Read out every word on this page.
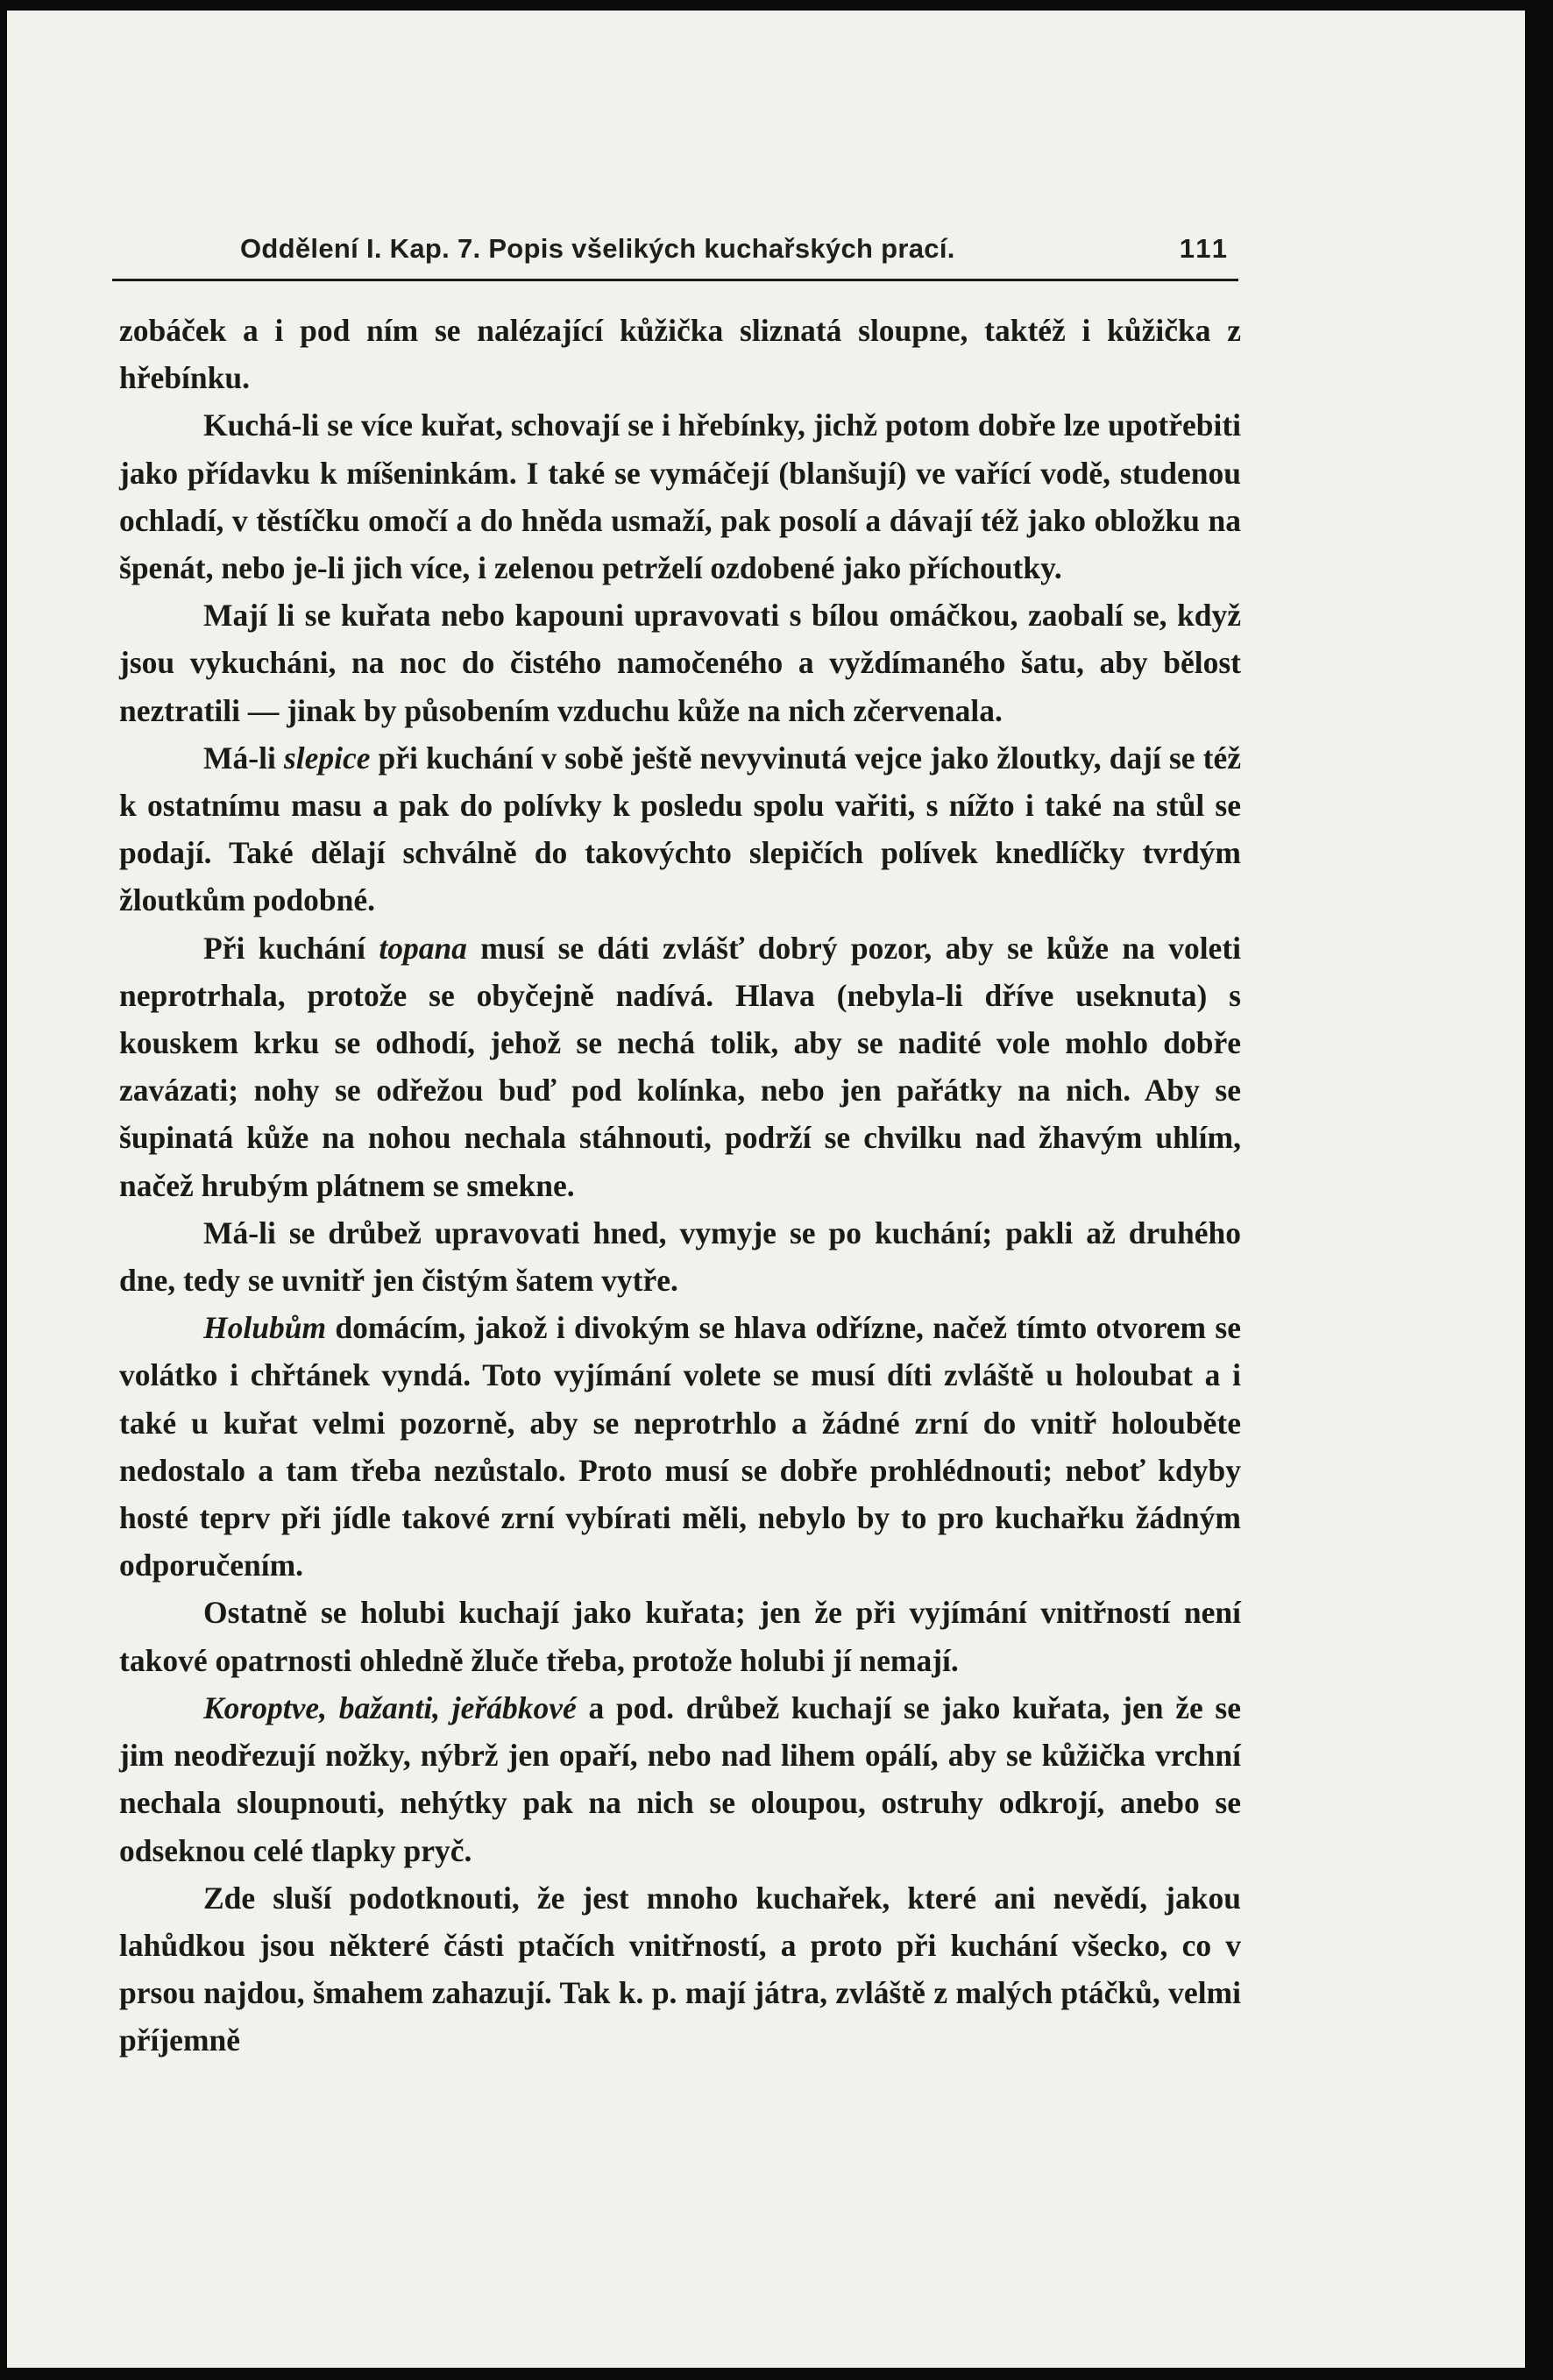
Oddělení I. Kap. 7. Popis všelikých kuchařských prací.	111

zobáček a i pod ním se nalézající kůžička sliznatá sloupne, taktéž i kůžička z hřebínku.

Kuchá-li se více kuřat, schovají se i hřebínky, jichž potom dobře lze upotřebiti jako přídavku k míšeninkám. I také se vymáčejí (blanšují) ve vařící vodě, studenou ochladí, v těstíčku omočí a do hněda usmaží, pak posolí a dávají též jako obložku na špenát, nebo je-li jich více, i zelenou petrželí ozdobené jako příchoutky.

Mají li se kuřata nebo kapouni upravovati s bílou omáčkou, zaobalí se, když jsou vykucháni, na noc do čistého namočeného a vyždímaného šatu, aby bělost neztratili — jinak by působením vzduchu kůže na nich zčervenala.

Má-li slepice při kuchání v sobě ještě nevyvinutá vejce jako žloutky, dají se též k ostatnímu masu a pak do polívky k posledu spolu vařiti, s nížto i také na stůl se podají. Také dělají schválně do takovýchto slepičích polívek knedlíčky tvrdým žloutkům podobné.

Při kuchání topana musí se dáti zvlášť dobrý pozor, aby se kůže na voleti neprotrhala, protože se obyčejně nadívá. Hlava (nebyla-li dříve useknuta) s kouskem krku se odhodí, jehož se nechá tolik, aby se nadité vole mohlo dobře zavázati; nohy se odřežou buď pod kolínka, nebo jen pařátky na nich. Aby se šupinatá kůže na nohou nechala stáhnouti, podrží se chvilku nad žhavým uhlím, načež hrubým plátnem se smekne.

Má-li se drůbež upravovati hned, vymyje se po kuchání; pakli až druhého dne, tedy se uvnitř jen čistým šatem vytře.

Holubům domácím, jakož i divokým se hlava odřízne, načež tímto otvorem se volátko i chřtánek vyndá. Toto vyjímání volete se musí díti zvláště u holoubat a i také u kuřat velmi pozorně, aby se neprotrhlo a žádné zrní do vnitř holouběte nedostalo a tam třeba nezůstalo. Proto musí se dobře prohlédnouti; neboť kdyby hosté teprv při jídle takové zrní vybírati měli, nebylo by to pro kuchařku žádným odporučením.

Ostatně se holubi kuchají jako kuřata; jen že při vyjímání vnitřností není takové opatrnosti ohledně žluče třeba, protože holubi jí nemají.

Koroptve, bažanti, jeřábkové a pod. drůbež kuchají se jako kuřata, jen že se jim neodřezují nožky, nýbrž jen opaří, nebo nad lihem opálí, aby se kůžička vrchní nechala sloupnouti, nehýtky pak na nich se oloupou, ostruhy odkrojí, anebo se odseknou celé tlapky pryč.

Zde sluší podotknouti, že jest mnoho kuchařek, které ani nevědí, jakou lahůdkou jsou některé části ptačích vnitřností, a proto při kuchání všecko, co v prsou najdou, šmahem zahazují. Tak k. p. mají játra, zvláště z malých ptáčků, velmi příjemně
